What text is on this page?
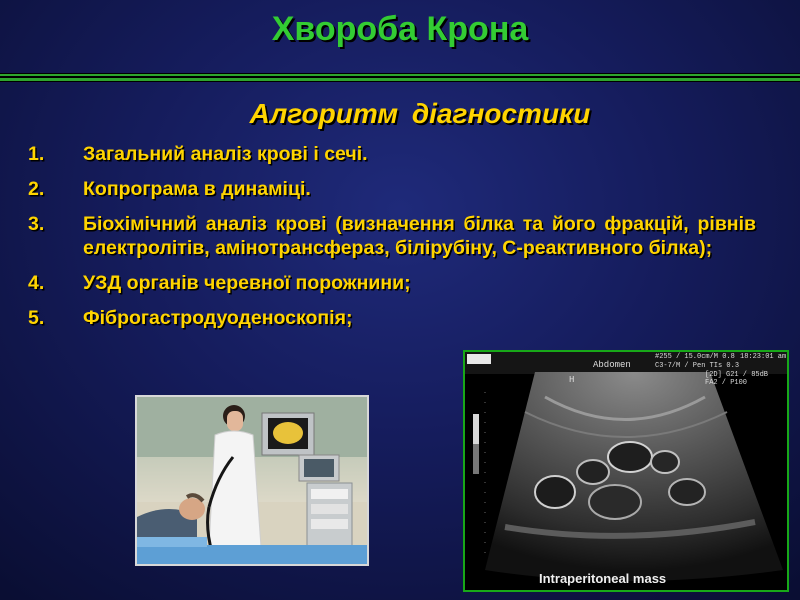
Хвороба Крона
Алгоритм діагностики
1. Загальний аналіз крові і сечі.
2. Копрограма в динаміці.
3. Біохімічний аналіз крові (визначення білка та його фракцій, рівнів електролітів, амінотрансфераз, білірубіну, С-реактивного білка);
4. УЗД органів черевної порожнини;
5. Фіброгастродуоденоскопія;
#255 / 15.0cm/M 0.8
C3-7/M / Pen TIs 0.3
18:23:01 am
[2D] G21 / 85dB
FA2 / P100
Abdomen
H
Intraperitoneal mass
